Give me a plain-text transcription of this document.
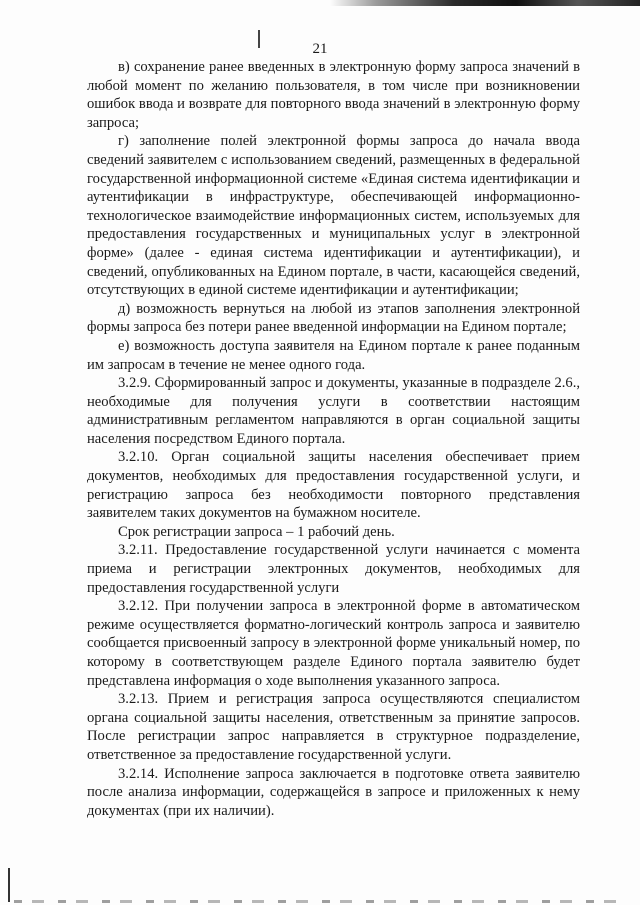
21

в) сохранение ранее введенных в электронную форму запроса значений в любой момент по желанию пользователя, в том числе при возникновении ошибок ввода и возврате для повторного ввода значений в электронную форму запроса;

г) заполнение полей электронной формы запроса до начала ввода сведений заявителем с использованием сведений, размещенных в федеральной государственной информационной системе «Единая система идентификации и аутентификации в инфраструктуре, обеспечивающей информационно-технологическое взаимодействие информационных систем, используемых для предоставления государственных и муниципальных услуг в электронной форме» (далее - единая система идентификации и аутентификации), и сведений, опубликованных на Едином портале, в части, касающейся сведений, отсутствующих в единой системе идентификации и аутентификации;

д) возможность вернуться на любой из этапов заполнения электронной формы запроса без потери ранее введенной информации на Едином портале;

е) возможность доступа заявителя на Едином портале к ранее поданным им запросам в течение не менее одного года.

3.2.9. Сформированный запрос и документы, указанные в подразделе 2.6., необходимые для получения услуги в соответствии настоящим административным регламентом направляются в орган социальной защиты населения посредством Единого портала.

3.2.10. Орган социальной защиты населения обеспечивает прием документов, необходимых для предоставления государственной услуги, и регистрацию запроса без необходимости повторного представления заявителем таких документов на бумажном носителе.

Срок регистрации запроса – 1 рабочий день.

3.2.11. Предоставление государственной услуги начинается с момента приема и регистрации электронных документов, необходимых для предоставления государственной услуги

3.2.12. При получении запроса в электронной форме в автоматическом режиме осуществляется форматно-логический контроль запроса и заявителю сообщается присвоенный запросу в электронной форме уникальный номер, по которому в соответствующем разделе Единого портала заявителю будет представлена информация о ходе выполнения указанного запроса.

3.2.13. Прием и регистрация запроса осуществляются специалистом органа социальной защиты населения, ответственным за принятие запросов. После регистрации запрос направляется в структурное подразделение, ответственное за предоставление государственной услуги.

3.2.14. Исполнение запроса заключается в подготовке ответа заявителю после анализа информации, содержащейся в запросе и приложенных к нему документах (при их наличии).
